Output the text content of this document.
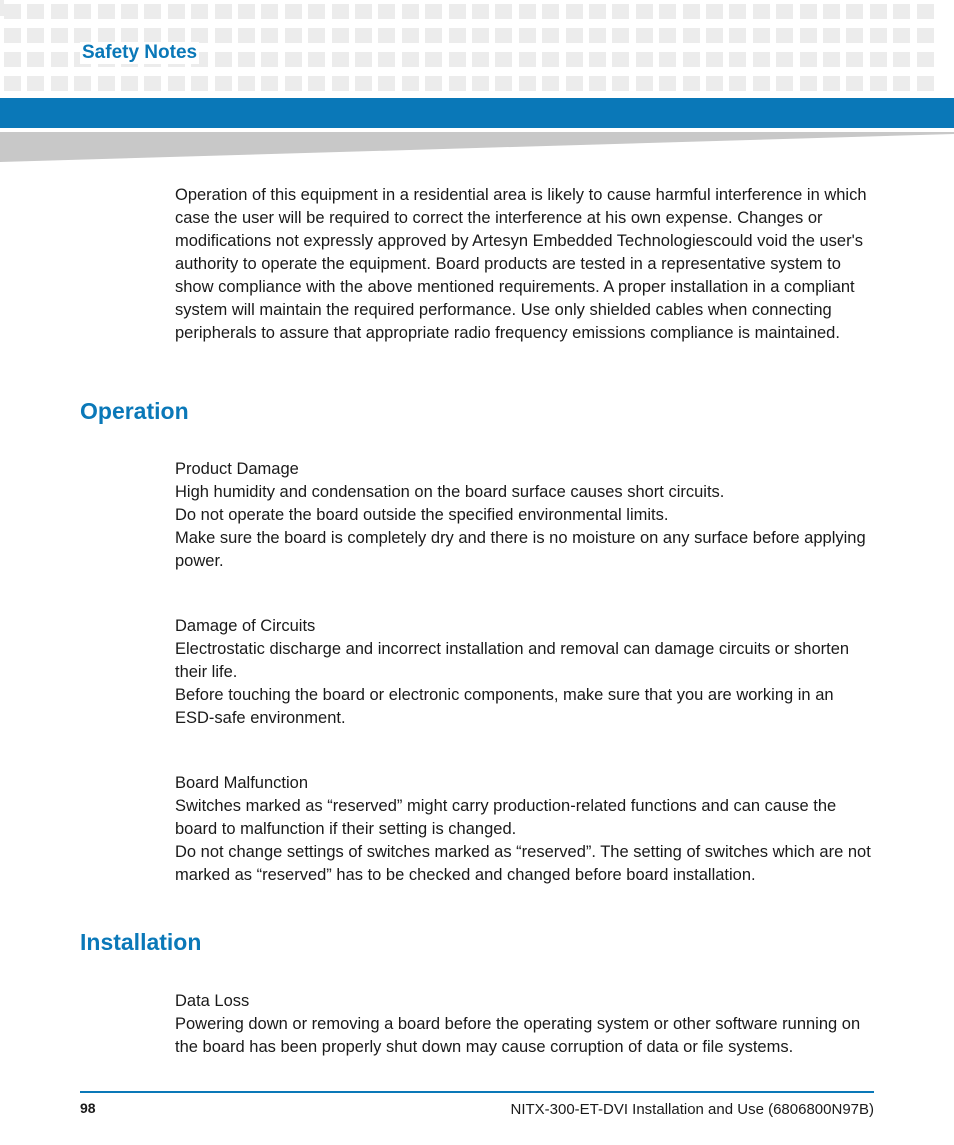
Safety Notes

Operation of this equipment in a residential area is likely to cause harmful interference in which case the user will be required to correct the interference at his own expense. Changes or modifications not expressly approved by Artesyn Embedded Technologiescould void the user's authority to operate the equipment. Board products are tested in a representative system to show compliance with the above mentioned requirements. A proper installation in a compliant system will maintain the required performance. Use only shielded cables when connecting peripherals to assure that appropriate radio frequency emissions compliance is maintained.

Operation

Product Damage

High humidity and condensation on the board surface causes short circuits.

Do not operate the board outside the specified environmental limits.

Make sure the board is completely dry and there is no moisture on any surface before applying power.

Damage of Circuits

Electrostatic discharge and incorrect installation and removal can damage circuits or shorten their life.

Before touching the board or electronic components, make sure that you are working in an ESD-safe environment.

Board Malfunction

Switches marked as “reserved” might carry production-related functions and can cause the board to malfunction if their setting is changed.

Do not change settings of switches marked as “reserved”. The setting of switches which are not marked as “reserved” has to be checked and changed before board installation.

Installation

Data Loss

Powering down or removing a board before the operating system or other software running on the board has been properly shut down may cause corruption of data or file systems.

98	NITX-300-ET-DVI Installation and Use (6806800N97B)
